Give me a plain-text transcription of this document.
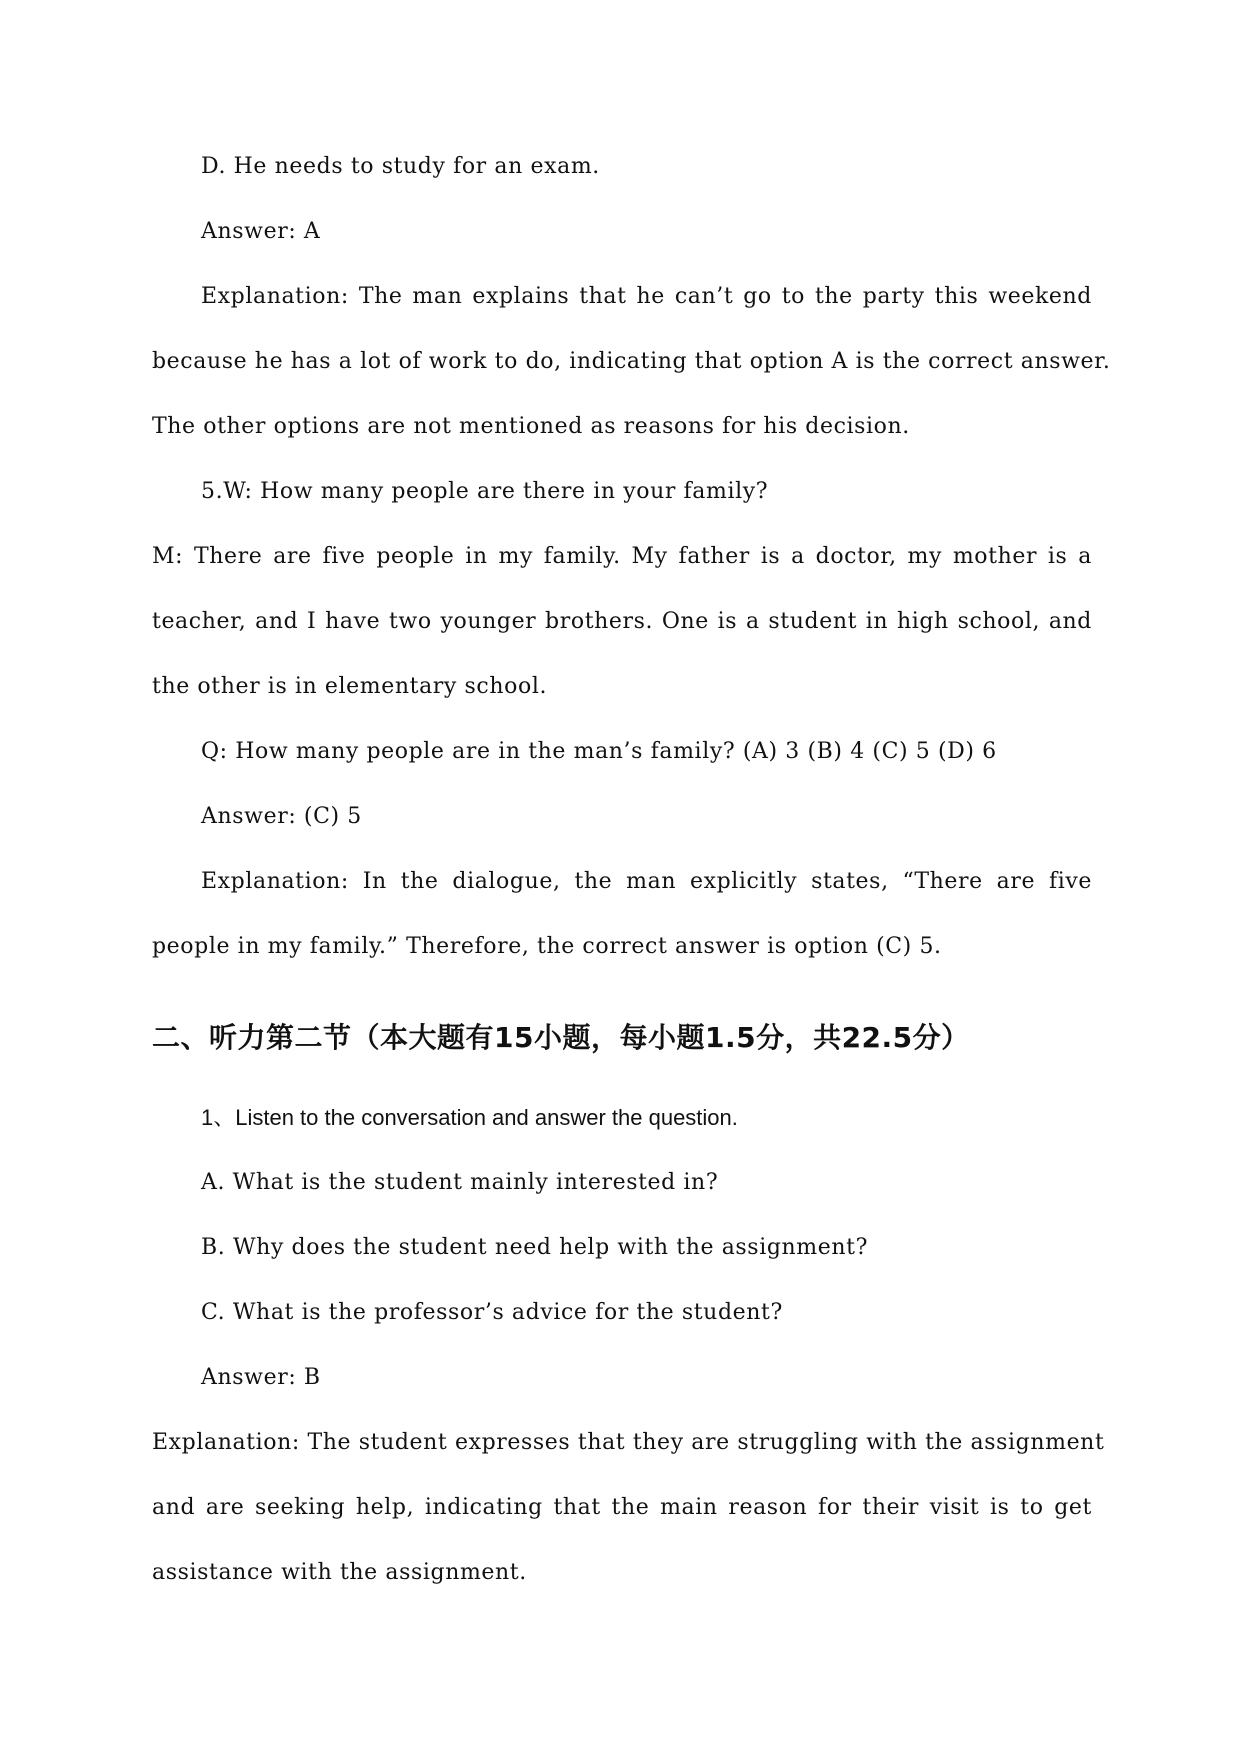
D. He needs to study for an exam.
Answer: A
Explanation: The man explains that he can’t go to the party this weekend
because he has a lot of work to do, indicating that option A is the correct answer.
The other options are not mentioned as reasons for his decision.
5.W: How many people are there in your family?
M: There are five people in my family. My father is a doctor, my mother is a
teacher, and I have two younger brothers. One is a student in high school, and
the other is in elementary school.
Q: How many people are in the man’s family? (A) 3 (B) 4 (C) 5 (D) 6
Answer: (C) 5
Explanation: In the dialogue, the man explicitly states, “There are five
people in my family.” Therefore, the correct answer is option (C) 5.
二、听力第二节（本大题有15小题，每小题1.5分，共22.5分）
1、Listen to the conversation and answer the question.
A. What is the student mainly interested in?
B. Why does the student need help with the assignment?
C. What is the professor’s advice for the student?
Answer: B
Explanation: The student expresses that they are struggling with the assignment
and are seeking help, indicating that the main reason for their visit is to get
assistance with the assignment.
